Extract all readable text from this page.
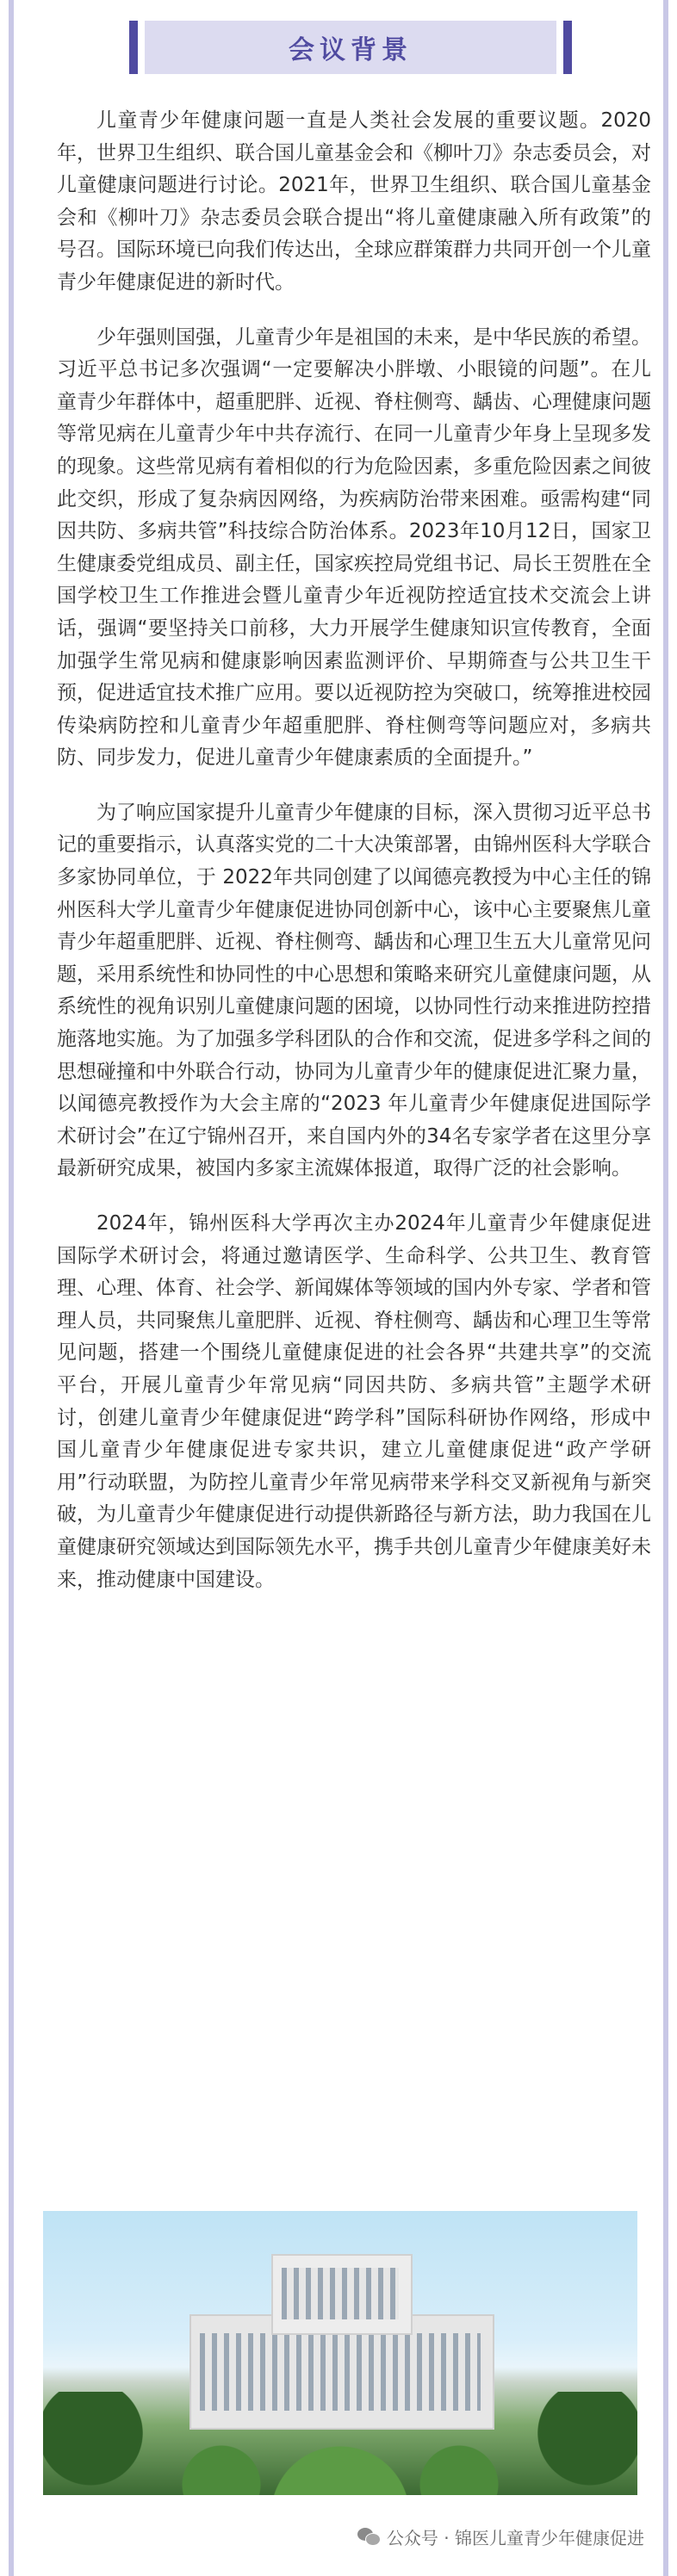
会议背景

儿童青少年健康问题一直是人类社会发展的重要议题。2020 年，世界卫生组织、联合国儿童基金会和《柳叶刀》杂志委员会，对儿童健康问题进行讨论。2021年，世界卫生组织、联合国儿童基金会和《柳叶刀》杂志委员会联合提出“将儿童健康融入所有政策”的号召。国际环境已向我们传达出，全球应群策群力共同开创一个儿童青少年健康促进的新时代。

少年强则国强，儿童青少年是祖国的未来，是中华民族的希望。习近平总书记多次强调“一定要解决小胖墩、小眼镜的问题”。在儿童青少年群体中，超重肥胖、近视、脊柱侧弯、龋齿、心理健康问题等常见病在儿童青少年中共存流行、在同一儿童青少年身上呈现多发的现象。这些常见病有着相似的行为危险因素，多重危险因素之间彼此交织，形成了复杂病因网络，为疾病防治带来困难。亟需构建“同因共防、多病共管”科技综合防治体系。2023年10月12日，国家卫生健康委党组成员、副主任，国家疾控局党组书记、局长王贺胜在全国学校卫生工作推进会暨儿童青少年近视防控适宜技术交流会上讲话，强调“要坚持关口前移，大力开展学生健康知识宣传教育，全面加强学生常见病和健康影响因素监测评价、早期筛查与公共卫生干预，促进适宜技术推广应用。要以近视防控为突破口，统筹推进校园传染病防控和儿童青少年超重肥胖、脊柱侧弯等问题应对，多病共防、同步发力，促进儿童青少年健康素质的全面提升。”

为了响应国家提升儿童青少年健康的目标，深入贯彻习近平总书记的重要指示，认真落实党的二十大决策部署，由锦州医科大学联合多家协同单位，于 2022年共同创建了以闻德亮教授为中心主任的锦州医科大学儿童青少年健康促进协同创新中心，该中心主要聚焦儿童青少年超重肥胖、近视、脊柱侧弯、龋齿和心理卫生五大儿童常见问题，采用系统性和协同性的中心思想和策略来研究儿童健康问题，从系统性的视角识别儿童健康问题的困境，以协同性行动来推进防控措施落地实施。为了加强多学科团队的合作和交流，促进多学科之间的思想碰撞和中外联合行动，协同为儿童青少年的健康促进汇聚力量，以闻德亮教授作为大会主席的“2023 年儿童青少年健康促进国际学术研讨会”在辽宁锦州召开，来自国内外的34名专家学者在这里分享最新研究成果，被国内多家主流媒体报道，取得广泛的社会影响。

2024年，锦州医科大学再次主办2024年儿童青少年健康促进国际学术研讨会，将通过邀请医学、生命科学、公共卫生、教育管理、心理、体育、社会学、新闻媒体等领域的国内外专家、学者和管理人员，共同聚焦儿童肥胖、近视、脊柱侧弯、龋齿和心理卫生等常见问题，搭建一个围绕儿童健康促进的社会各界“共建共享”的交流平台，开展儿童青少年常见病“同因共防、多病共管”主题学术研讨，创建儿童青少年健康促进“跨学科”国际科研协作网络，形成中国儿童青少年健康促进专家共识，建立儿童健康促进“政产学研用”行动联盟，为防控儿童青少年常见病带来学科交叉新视角与新突破，为儿童青少年健康促进行动提供新路径与新方法，助力我国在儿童健康研究领域达到国际领先水平，携手共创儿童青少年健康美好未来，推动健康中国建设。

公众号 · 锦医儿童青少年健康促进
